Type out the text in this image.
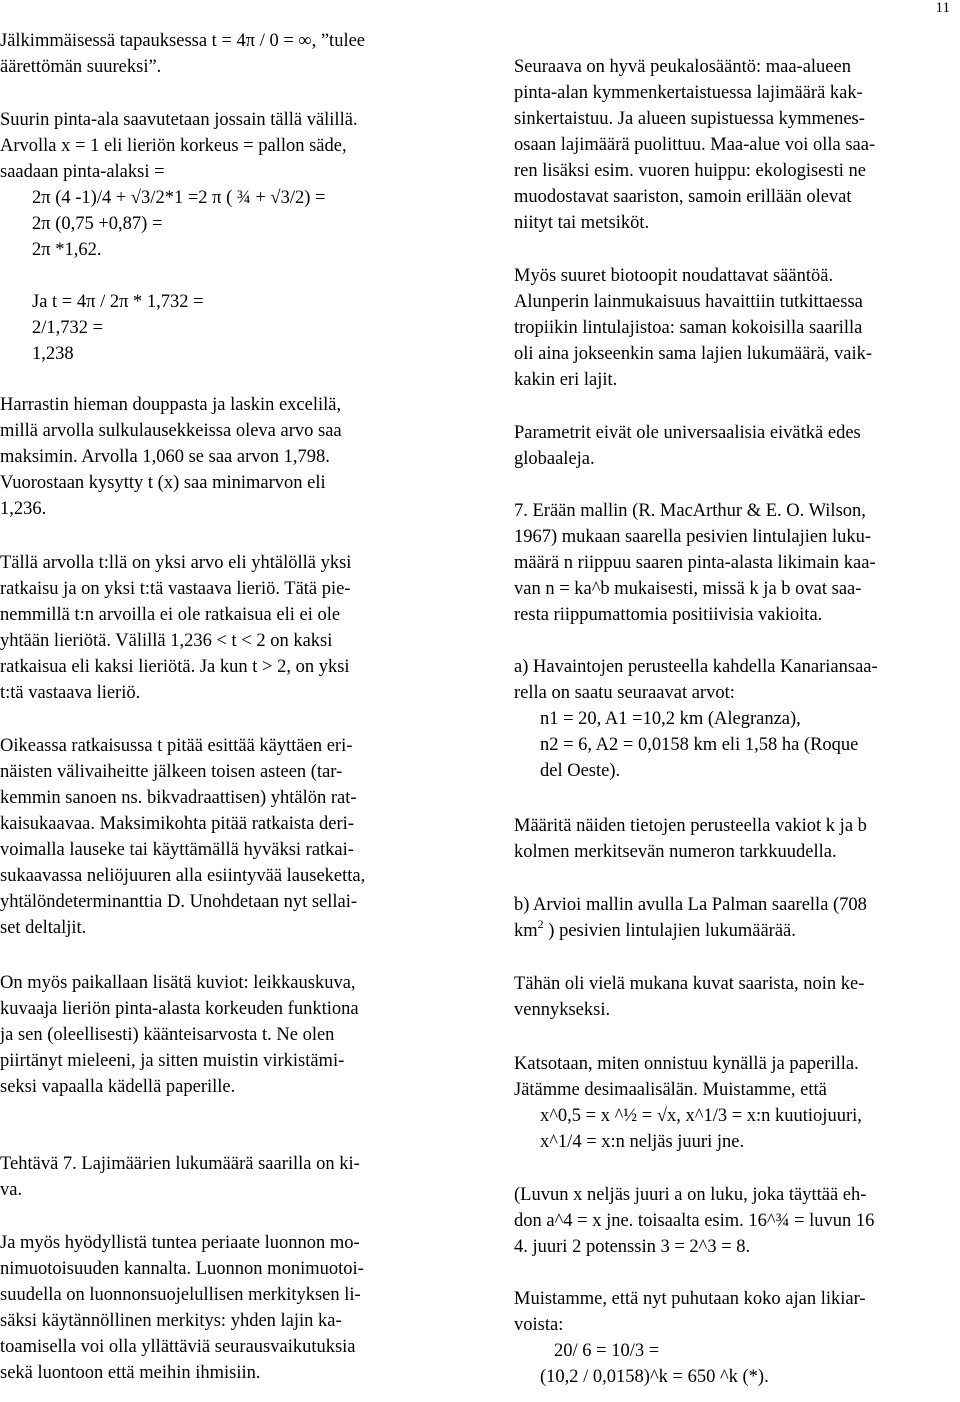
11
Jälkimmäisessä tapauksessa t = 4π / 0 = ∞, ”tulee
äärettömän suureksi”.
Suurin pinta-ala saavutetaan jossain tällä välillä.
Arvolla x = 1 eli lieriön korkeus = pallon säde,
saadaan pinta-alaksi =
2π (4 -1)/4 + √3/2*1 =2 π ( ¾ + √3/2) =
2π (0,75 +0,87) =
2π *1,62.
Ja t = 4π / 2π * 1,732 =
2/1,732 =
1,238
Harrastin hieman douppasta ja laskin excelilä,
millä arvolla sulkulausekkeissa oleva arvo saa
maksimin. Arvolla 1,060 se saa arvon 1,798.
Vuorostaan kysytty t (x) saa minimarvon eli
1,236.
Tällä arvolla t:llä on yksi arvo eli yhtälöllä yksi
ratkaisu ja on yksi t:tä vastaava lieriö. Tätä pie-
nemmillä t:n arvoilla ei ole ratkaisua eli ei ole
yhtään lieriötä. Välillä 1,236 < t < 2 on kaksi
ratkaisua eli kaksi lieriötä. Ja kun t > 2, on yksi
t:tä vastaava lieriö.
Oikeassa ratkaisussa t pitää esittää käyttäen eri-
näisten välivaiheitte jälkeen toisen asteen (tar-
kemmin sanoen ns. bikvadraattisen) yhtälön rat-
kaisukaavaa. Maksimikohta pitää ratkaista deri-
voimalla lauseke tai käyttämällä hyväksi ratkai-
sukaavassa neliöjuuren alla esiintyvää lauseketta,
yhtälöndeterminanttia D. Unohdetaan nyt sellai-
set deltaljit.
On myös paikallaan lisätä kuviot: leikkauskuva,
kuvaaja lieriön pinta-alasta korkeuden funktiona
ja sen (oleellisesti) käänteisarvosta t. Ne olen
piirtänyt mieleeni, ja sitten muistin virkistämi-
seksi vapaalla kädellä paperille.
Tehtävä 7. Lajimäärien lukumäärä saarilla on ki-
va.
Ja myös hyödyllistä tuntea periaate luonnon mo-
nimuotoisuuden kannalta. Luonnon monimuotoi-
suudella on luonnonsuojelullisen merkityksen li-
säksi käytännöllinen merkitys: yhden lajin ka-
toamisella voi olla yllättäviä seurausvaikutuksia
sekä luontoon että meihin ihmisiin.
Seuraava on hyvä peukalosääntö: maa-alueen
pinta-alan kymmenkertaistuessa lajimäärä kak-
sinkertaistuu. Ja alueen supistuessa kymmenes-
osaan lajimäärä puolittuu. Maa-alue voi olla saa-
ren lisäksi esim. vuoren huippu: ekologisesti ne
muodostavat saariston, samoin erillään olevat
niityt tai metsiköt.
Myös suuret biotoopit noudattavat sääntöä.
Alunperin lainmukaisuus havaittiin tutkittaessa
tropiikin lintulajistoa: saman kokoisilla saarilla
oli aina jokseenkin sama lajien lukumäärä, vaik-
kakin eri lajit.
Parametrit eivät ole universaalisia eivätkä edes
globaaleja.
7. Erään mallin (R. MacArthur & E. O. Wilson,
1967) mukaan saarella pesivien lintulajien luku-
määrä n riippuu saaren pinta-alasta likimain kaa-
van n = ka^b mukaisesti, missä k ja b ovat saa-
resta riippumattomia positiivisia vakioita.
a) Havaintojen perusteella kahdella Kanariansaa-
rella on saatu seuraavat arvot:
n1 = 20, A1 =10,2 km (Alegranza),
n2 = 6, A2 = 0,0158 km eli 1,58 ha (Roque
del Oeste).
Määritä näiden tietojen perusteella vakiot k ja b
kolmen merkitsevän numeron tarkkuudella.
b) Arvioi mallin avulla La Palman saarella (708
$km^2$ ) pesivien lintulajien lukumäärää.
Tähän oli vielä mukana kuvat saarista, noin ke-
vennykseksi.
Katsotaan, miten onnistuu kynällä ja paperilla.
Jätämme desimaalisälän. Muistamme, että
x^0,5 = x ^½ = √x, x^1/3 = x:n kuutiojuuri,
x^1/4 = x:n neljäs juuri jne.
(Luvun x neljäs juuri a on luku, joka täyttää eh-
don a^4 = x jne. toisaalta esim. 16^¾ = luvun 16
4. juuri 2 potenssin 3 = 2^3 = 8.
Muistamme, että nyt puhutaan koko ajan likiar-
voista:
20/ 6 = 10/3 =
(10,2 / 0,0158)^k = 650 ^k (*).
